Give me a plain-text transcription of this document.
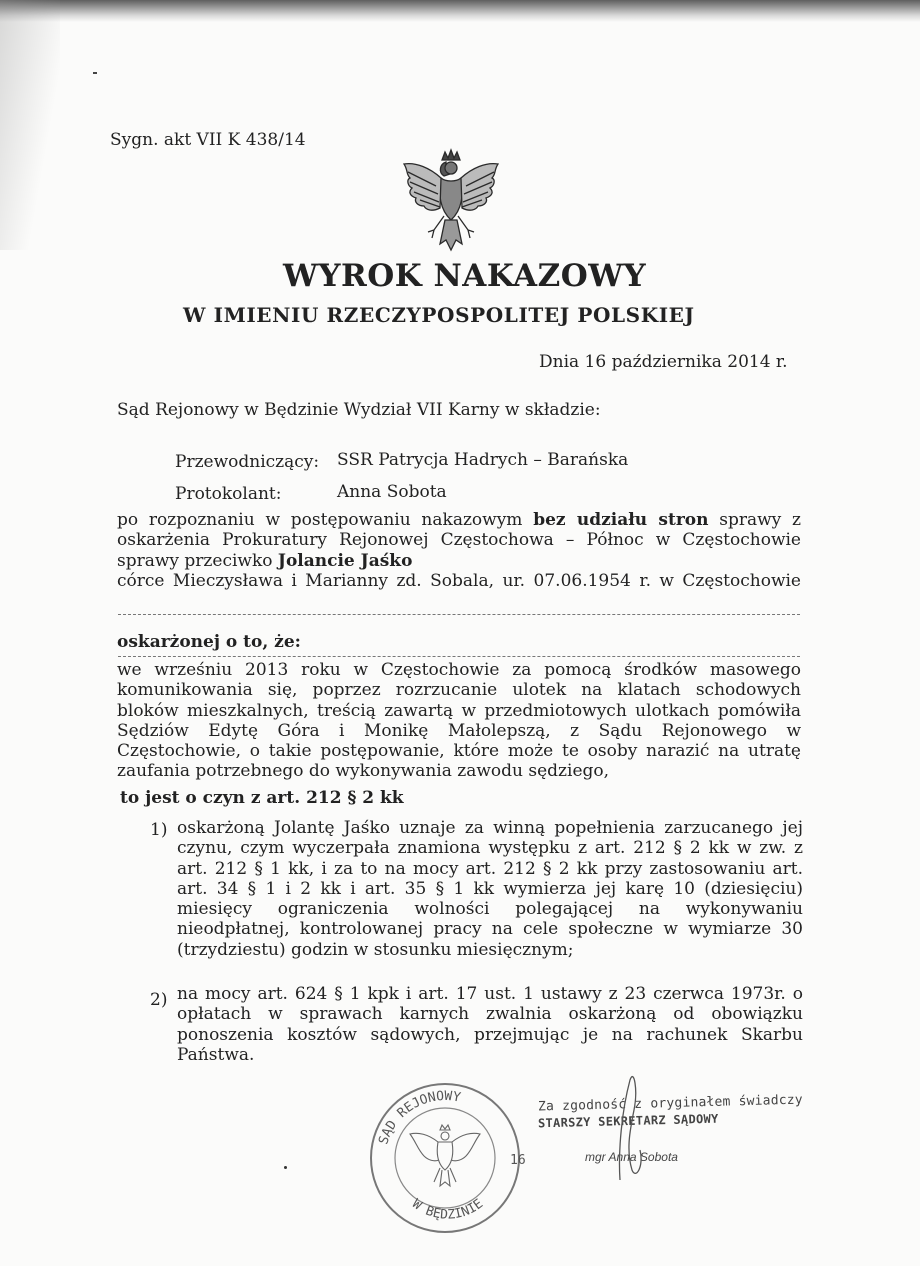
Sygn. akt VII K 438/14
WYROK NAKAZOWY
W IMIENIU RZECZYPOSPOLITEJ POLSKIEJ
Dnia 16 października 2014 r.
Sąd Rejonowy w Będzinie Wydział VII Karny w składzie:
Przewodniczący: SSR Patrycja Hadrych – Barańska
Protokolant:	Anna Sobota
po rozpoznaniu w postępowaniu nakazowym bez udziału stron sprawy z
oskarżenia Prokuratury Rejonowej Częstochowa – Północ w Częstochowie
sprawy przeciwko Jolancie Jaśko
córce Mieczysława i Marianny zd. Sobala, ur. 07.06.1954 r. w Częstochowie
oskarżonej o to, że:
we wrześniu 2013 roku w Częstochowie za pomocą środków masowego
komunikowania się, poprzez rozrzucanie ulotek na klatach schodowych
bloków mieszkalnych, treścią zawartą w przedmiotowych ulotkach pomówiła
Sędziów Edytę Góra i Monikę Małolepszą, z Sądu Rejonowego w
Częstochowie, o takie postępowanie, które może te osoby narazić na utratę
zaufania potrzebnego do wykonywania zawodu sędziego,
to jest o czyn z art. 212 § 2 kk
1) oskarżoną Jolantę Jaśko uznaje za winną popełnienia zarzucanego jej
czynu, czym wyczerpała znamiona występku z art. 212 § 2 kk w zw. z
art. 212 § 1 kk, i za to na mocy art. 212 § 2 kk przy zastosowaniu art.
art. 34 § 1 i 2 kk i art. 35 § 1 kk wymierza jej karę 10 (dziesięciu)
miesięcy ograniczenia wolności polegającej na wykonywaniu
nieodpłatnej, kontrolowanej pracy na cele społeczne w wymiarze 30
(trzydziestu) godzin w stosunku miesięcznym;
2) na mocy art. 624 § 1 kpk i art. 17 ust. 1 ustawy z 23 czerwca 1973r. o
opłatach w sprawach karnych zwalnia oskarżoną od obowiązku
ponoszenia kosztów sądowych, przejmując je na rachunek Skarbu
Państwa.
SĄD REJONOWY
W BĘDZINIE
16
Za zgodność z oryginałem świadczy
STARSZY SEKRETARZ SĄDOWY
mgr Anna Sobota
